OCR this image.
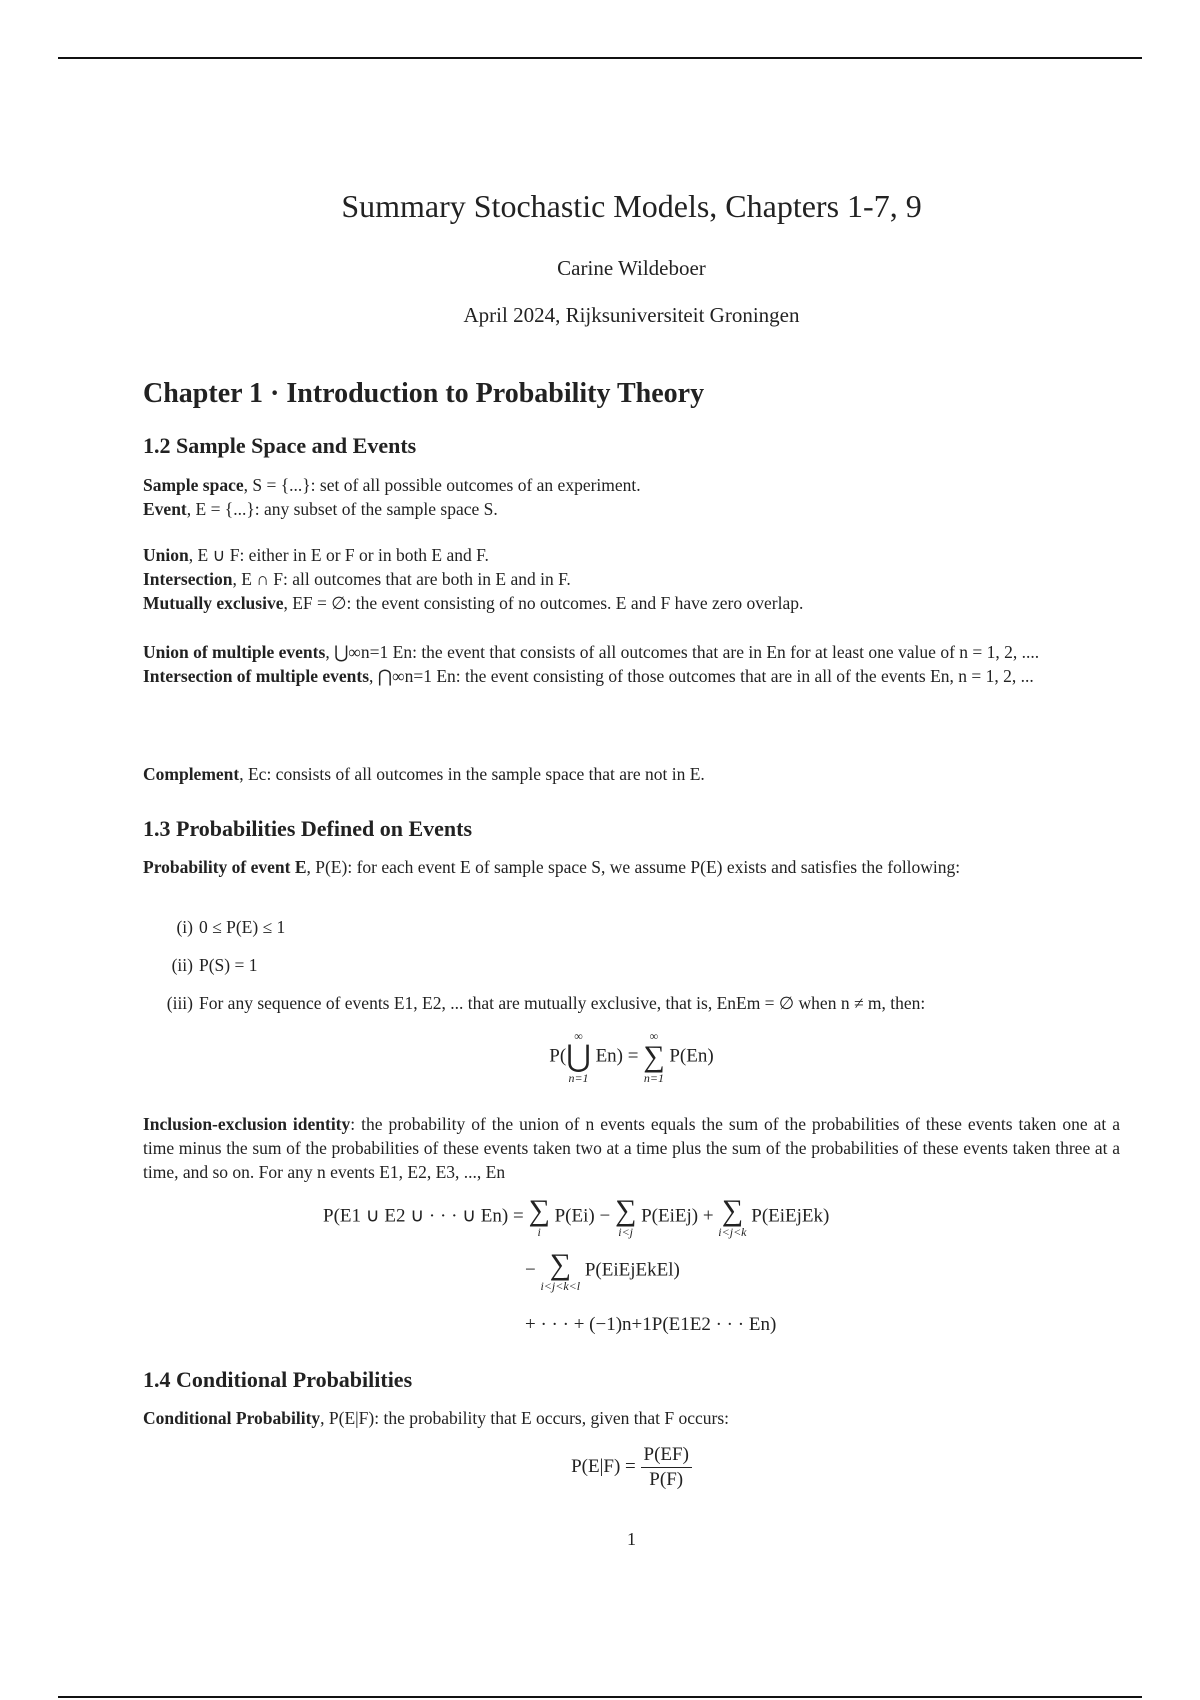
Summary Stochastic Models, Chapters 1-7, 9
Carine Wildeboer
April 2024, Rijksuniversiteit Groningen
Chapter 1 · Introduction to Probability Theory
1.2 Sample Space and Events

Sample space, S = {...}: set of all possible outcomes of an experiment.

Event, E = {...}: any subset of the sample space S.

Union, E ∪ F: either in E or F or in both E and F.

Intersection, E ∩ F: all outcomes that are both in E and in F.

Mutually exclusive, EF = ∅: the event consisting of no outcomes. E and F have zero overlap.

Union of multiple events, ⋃∞n=1 En: the event that consists of all outcomes that are in En for at least one value of n = 1, 2, ....

Intersection of multiple events, ⋂∞n=1 En: the event consisting of those outcomes that are in all of the events En, n = 1, 2, ...

Complement, Ec: consists of all outcomes in the sample space that are not in E.

1.3 Probabilities Defined on Events

Probability of event E, P(E): for each event E of sample space S, we assume P(E) exists and satisfies the following:

(i) 0 ≤ P(E) ≤ 1
(ii) P(S) = 1
(iii) For any sequence of events E1, E2, ... that are mutually exclusive, that is, EnEm = ∅ when n ≠ m, then:
P(
∞
⋃
n=1
En) =
∞
∑
n=1
P(En)

Inclusion-exclusion identity: the probability of the union of n events equals the sum of the probabilities of these events taken one at a time minus the sum of the probabilities of these events taken two at a time plus the sum of the probabilities of these events taken three at a time, and so on. For any n events E1, E2, E3, ..., En

P(E1 ∪ E2 ∪ · · · ∪ En) = ∑
i
P(Ei) − ∑
i<j
P(EiEj) + ∑
i<j<k
P(EiEjEk)
− ∑
i<j<k<l
P(EiEjEkEl)
+ · · · + (−1)n+1P(E1E2 · · · En)
1.4 Conditional Probabilities

Conditional Probability, P(E|F): the probability that E occurs, given that F occurs:

$P(E|F) = \frac{P(EF)}{P(F)}$
1
